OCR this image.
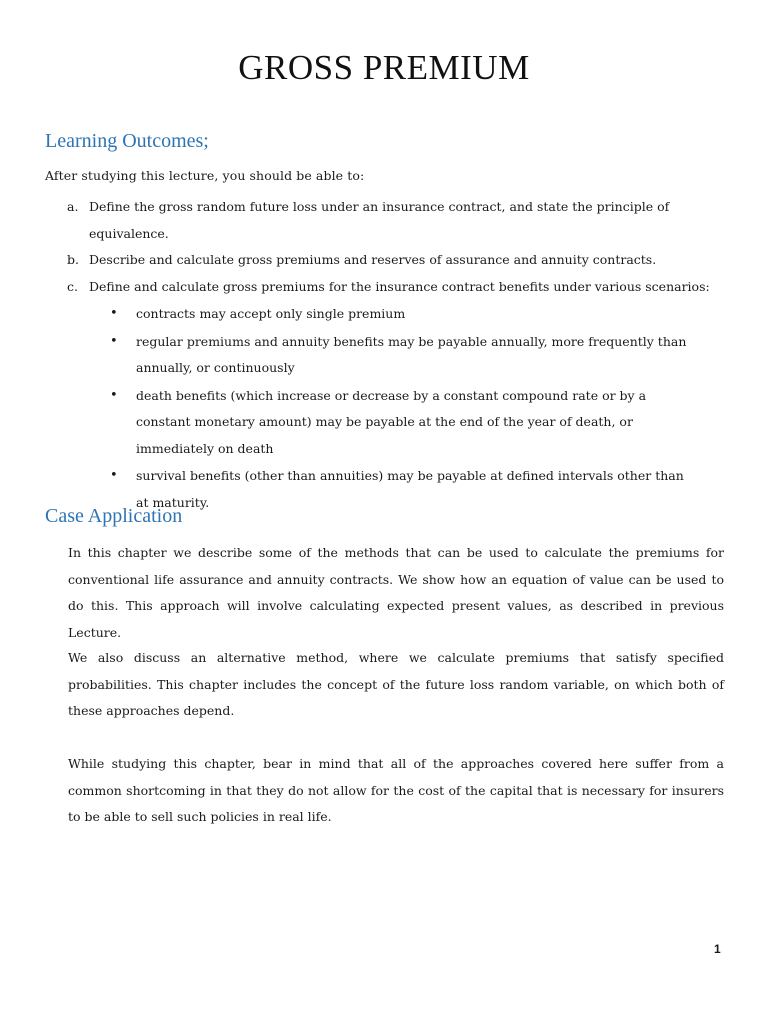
GROSS PREMIUM
Learning Outcomes;

After studying this lecture, you should be able to:

a. Define the gross random future loss under an insurance contract, and state the principle of equivalence.
b. Describe and calculate gross premiums and reserves of assurance and annuity contracts.
c. Define and calculate gross premiums for the insurance contract benefits under various scenarios:
• contracts may accept only single premium
• regular premiums and annuity benefits may be payable annually, more frequently than annually, or continuously
• death benefits (which increase or decrease by a constant compound rate or by a constant monetary amount) may be payable at the end of the year of death, or immediately on death
• survival benefits (other than annuities) may be payable at defined intervals other than at maturity.
Case Application

In this chapter we describe some of the methods that can be used to calculate the premiums for conventional life assurance and annuity contracts. We show how an equation of value can be used to do this. This approach will involve calculating expected present values, as described in previous Lecture.

We also discuss an alternative method, where we calculate premiums that satisfy specified probabilities. This chapter includes the concept of the future loss random variable, on which both of these approaches depend.

While studying this chapter, bear in mind that all of the approaches covered here suffer from a common shortcoming in that they do not allow for the cost of the capital that is necessary for insurers to be able to sell such policies in real life.

1
